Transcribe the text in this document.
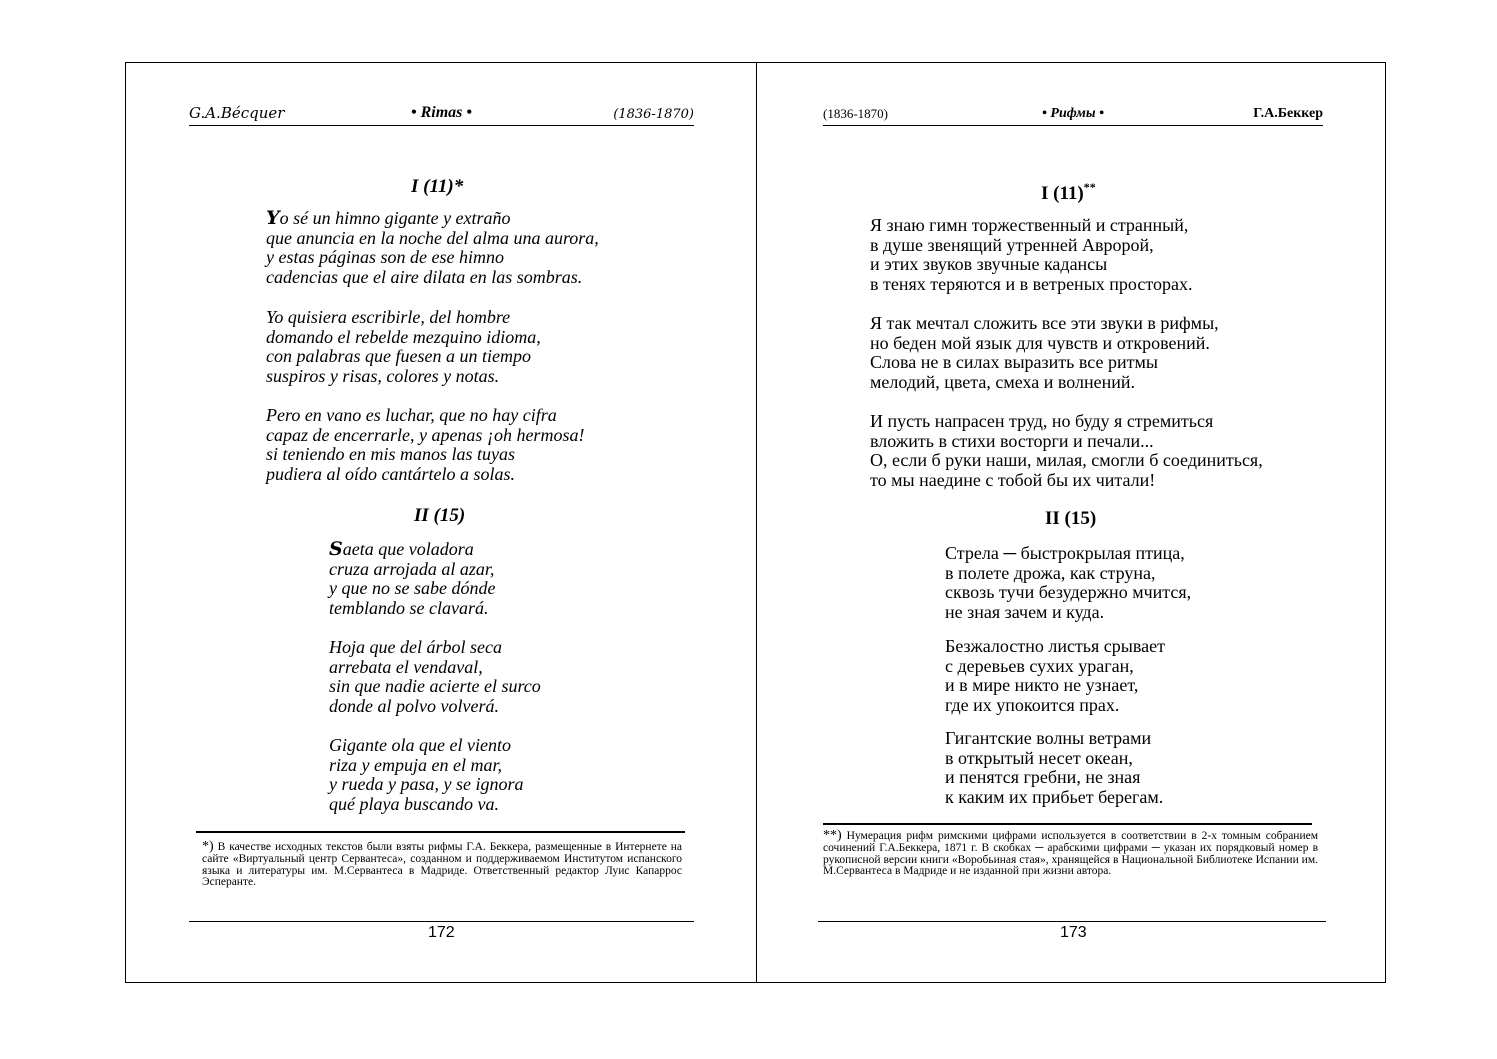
G.A.Bécquer	• Rimas •	(1836-1870)
I (11)*
Yo sé un himno gigante y extraño
que anuncia en la noche del alma una aurora,
y estas páginas son de ese himno
cadencias que el aire dilata en las sombras.
Yo quisiera escribirle, del hombre
domando el rebelde mezquino idioma,
con palabras que fuesen a un tiempo
suspiros y risas, colores y notas.
Pero en vano es luchar, que no hay cifra
capaz de encerrarle, y apenas ¡oh hermosa!
si teniendo en mis manos las tuyas
pudiera al oído cantártelo a solas.
II (15)
Saeta que voladora
cruza arrojada al azar,
y que no se sabe dónde
temblando se clavará.
Hoja que del árbol seca
arrebata el vendaval,
sin que nadie acierte el surco
donde al polvo volverá.
Gigante ola que el viento
riza y empuja en el mar,
y rueda y pasa, y se ignora
qué playa buscando va.
*) В качестве исходных текстов были взяты рифмы Г.А. Беккера, размещенные в Интернете на сайте «Виртуальный центр Сервантеса», созданном и поддерживаемом Институтом испанского языка и литературы им. М.Сервантеса в Мадриде. Ответственный редактор Луис Капаррос Эсперанте.
172
(1836-1870)	• Рифмы •	Г.А.Беккер
I (11)**
Я знаю гимн торжественный и странный,
в душе звенящий утренней Авророй,
и этих звуков звучные кадансы
в тенях теряются и в ветреных просторах.
Я так мечтал сложить все эти звуки в рифмы,
но беден мой язык для чувств и откровений.
Слова не в силах выразить все ритмы
мелодий, цвета, смеха и волнений.
И пусть напрасен труд, но буду я стремиться
вложить в стихи восторги и печали...
О, если б руки наши, милая, смогли б соединиться,
то мы наедине с тобой бы их читали!
II (15)
Стрела ─ быстрокрылая птица,
в полете дрожа, как струна,
сквозь тучи безудержно мчится,
не зная зачем и куда.
Безжалостно листья срывает
с деревьев сухих ураган,
и в мире никто не узнает,
где их упокоится прах.
Гигантские волны ветрами
в открытый несет океан,
и пенятся гребни, не зная
к каким их прибьет берегам.
**) Нумерация рифм римскими цифрами используется в соответствии в 2-х томным собранием сочинений Г.А.Беккера, 1871 г. В скобках ─ арабскими цифрами ─ указан их порядковый номер в рукописной версии книги «Воробьиная стая», хранящейся в Национальной Библиотеке Испании им. М.Сервантеса в Мадриде и не изданной при жизни автора.
173
